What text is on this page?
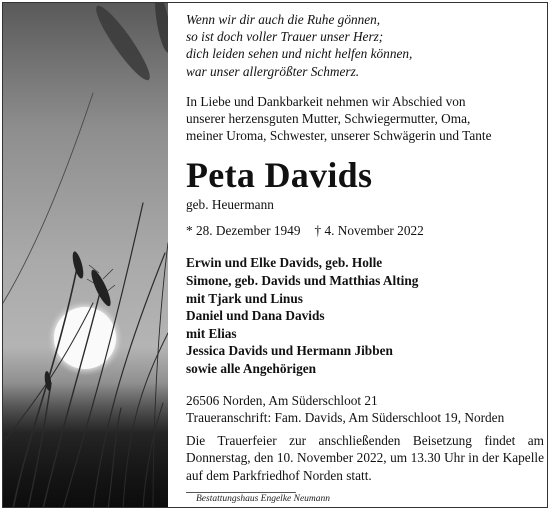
Wenn wir dir auch die Ruhe gönnen,
so ist doch voller Trauer unser Herz;
dich leiden sehen und nicht helfen können,
war unser allergrößter Schmerz.
In Liebe und Dankbarkeit nehmen wir Abschied von
unserer herzensguten Mutter, Schwiegermutter, Oma,
meiner Uroma, Schwester, unserer Schwägerin und Tante
Peta Davids
geb. Heuermann
* 28. Dezember 1949 † 4. November 2022
Erwin und Elke Davids, geb. Holle
Simone, geb. Davids und Matthias Alting
mit Tjark und Linus
Daniel und Dana Davids
mit Elias
Jessica Davids und Hermann Jibben
sowie alle Angehörigen
26506 Norden, Am Süderschloot 21
Traueranschrift: Fam. Davids, Am Süderschloot 19, Norden
Die Trauerfeier zur anschließenden Beisetzung findet am Donnerstag, den 10. November 2022, um 13.30 Uhr in der Kapelle auf dem Parkfriedhof Norden statt.
Bestattungshaus Engelke Neumann
